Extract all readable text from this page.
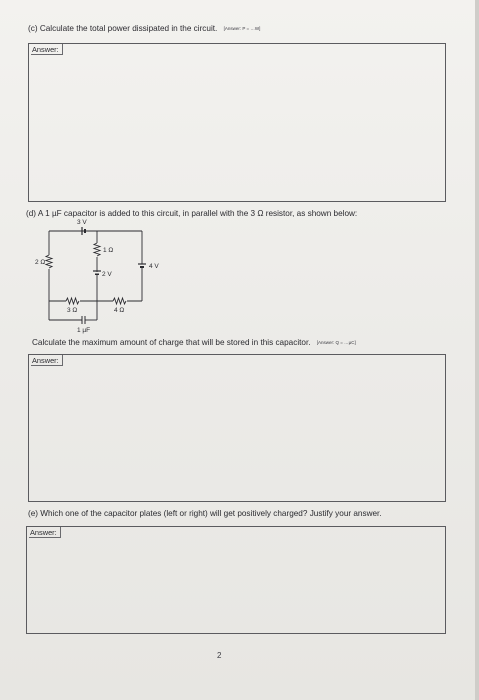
(c) Calculate the total power dissipated in the circuit. [Answer: P = …W]
Answer:
(d) A 1 µF capacitor is added to this circuit, in parallel with the 3 Ω resistor, as shown below:
3 V
2 Ω
1 Ω
2 V
4 V
3 Ω	4 Ω
1 µF
Calculate the maximum amount of charge that will be stored in this capacitor. [Answer: Q = …µC]
Answer:
(e) Which one of the capacitor plates (left or right) will get positively charged? Justify your answer.
Answer:
2
